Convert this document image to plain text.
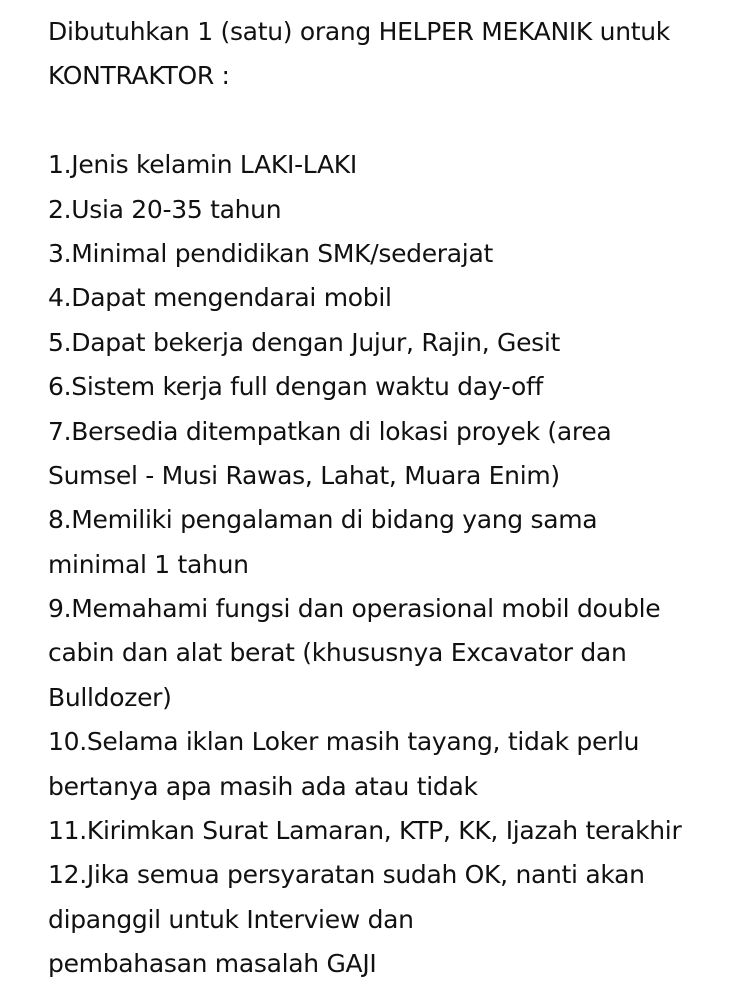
Dibutuhkan 1 (satu) orang HELPER MEKANIK untuk
KONTRAKTOR :
1.Jenis kelamin LAKI-LAKI
2.Usia 20-35 tahun
3.Minimal pendidikan SMK/sederajat
4.Dapat mengendarai mobil
5.Dapat bekerja dengan Jujur, Rajin, Gesit
6.Sistem kerja full dengan waktu day-off
7.Bersedia ditempatkan di lokasi proyek (area
Sumsel - Musi Rawas, Lahat, Muara Enim)
8.Memiliki pengalaman di bidang yang sama
minimal 1 tahun
9.Memahami fungsi dan operasional mobil double
cabin dan alat berat (khususnya Excavator dan
Bulldozer)
10.Selama iklan Loker masih tayang, tidak perlu
bertanya apa masih ada atau tidak
11.Kirimkan Surat Lamaran, KTP, KK, Ijazah terakhir
12.Jika semua persyaratan sudah OK, nanti akan
dipanggil untuk Interview dan
pembahasan masalah GAJI
